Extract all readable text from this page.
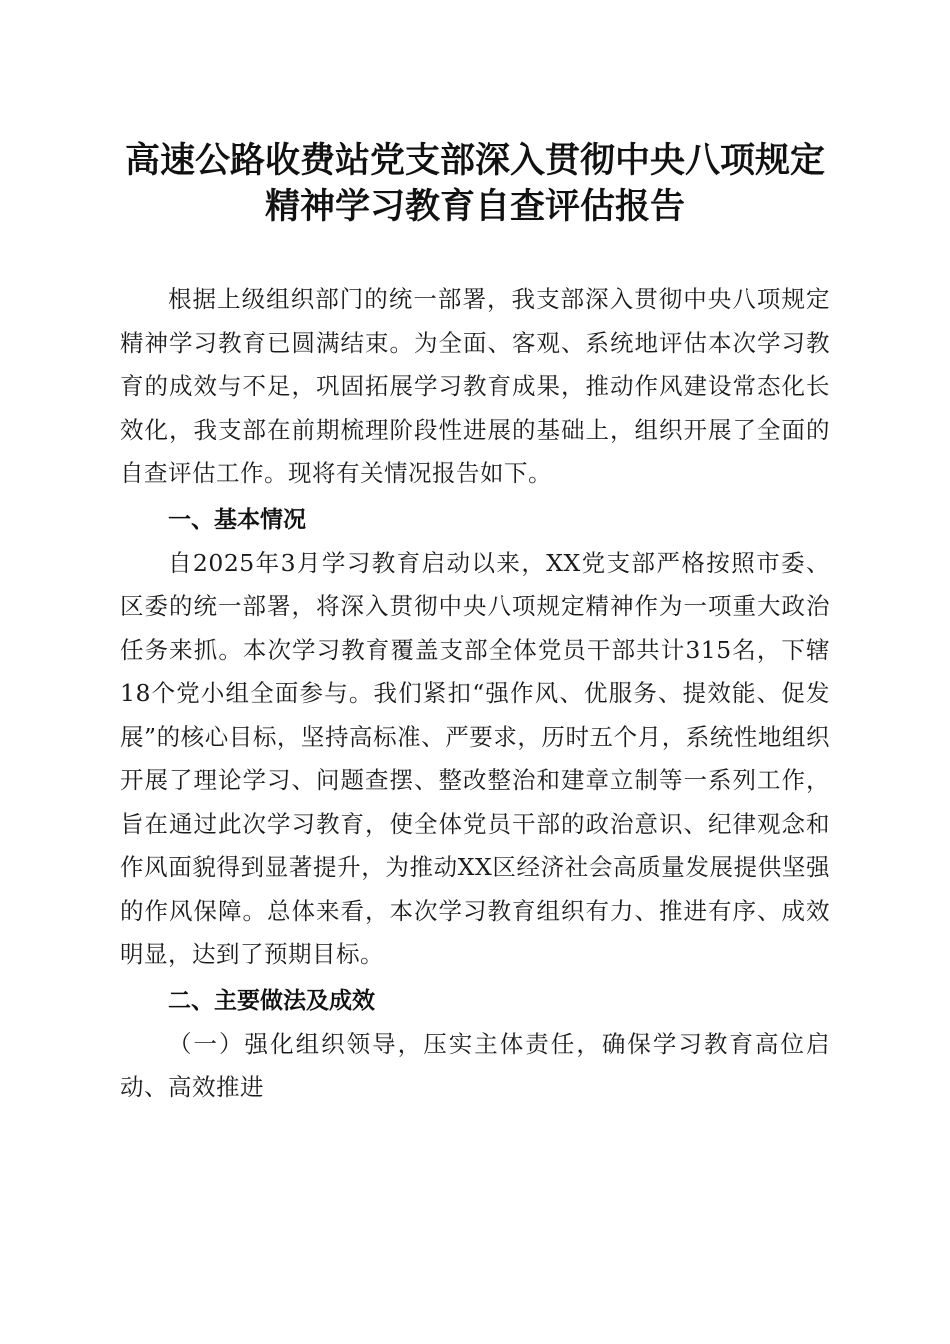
高速公路收费站党支部深入贯彻中央八项规定
精神学习教育自查评估报告

根据上级组织部门的统一部署，我支部深入贯彻中央八项规定精神学习教育已圆满结束。为全面、客观、系统地评估本次学习教育的成效与不足，巩固拓展学习教育成果，推动作风建设常态化长效化，我支部在前期梳理阶段性进展的基础上，组织开展了全面的自查评估工作。现将有关情况报告如下。

一、基本情况

自2025年3月学习教育启动以来，XX党支部严格按照市委、区委的统一部署，将深入贯彻中央八项规定精神作为一项重大政治任务来抓。本次学习教育覆盖支部全体党员干部共计315名，下辖18个党小组全面参与。我们紧扣“强作风、优服务、提效能、促发展”的核心目标，坚持高标准、严要求，历时五个月，系统性地组织开展了理论学习、问题查摆、整改整治和建章立制等一系列工作，旨在通过此次学习教育，使全体党员干部的政治意识、纪律观念和作风面貌得到显著提升，为推动XX区经济社会高质量发展提供坚强的作风保障。总体来看，本次学习教育组织有力、推进有序、成效明显，达到了预期目标。

二、主要做法及成效

（一）强化组织领导，压实主体责任，确保学习教育高位启动、高效推进
